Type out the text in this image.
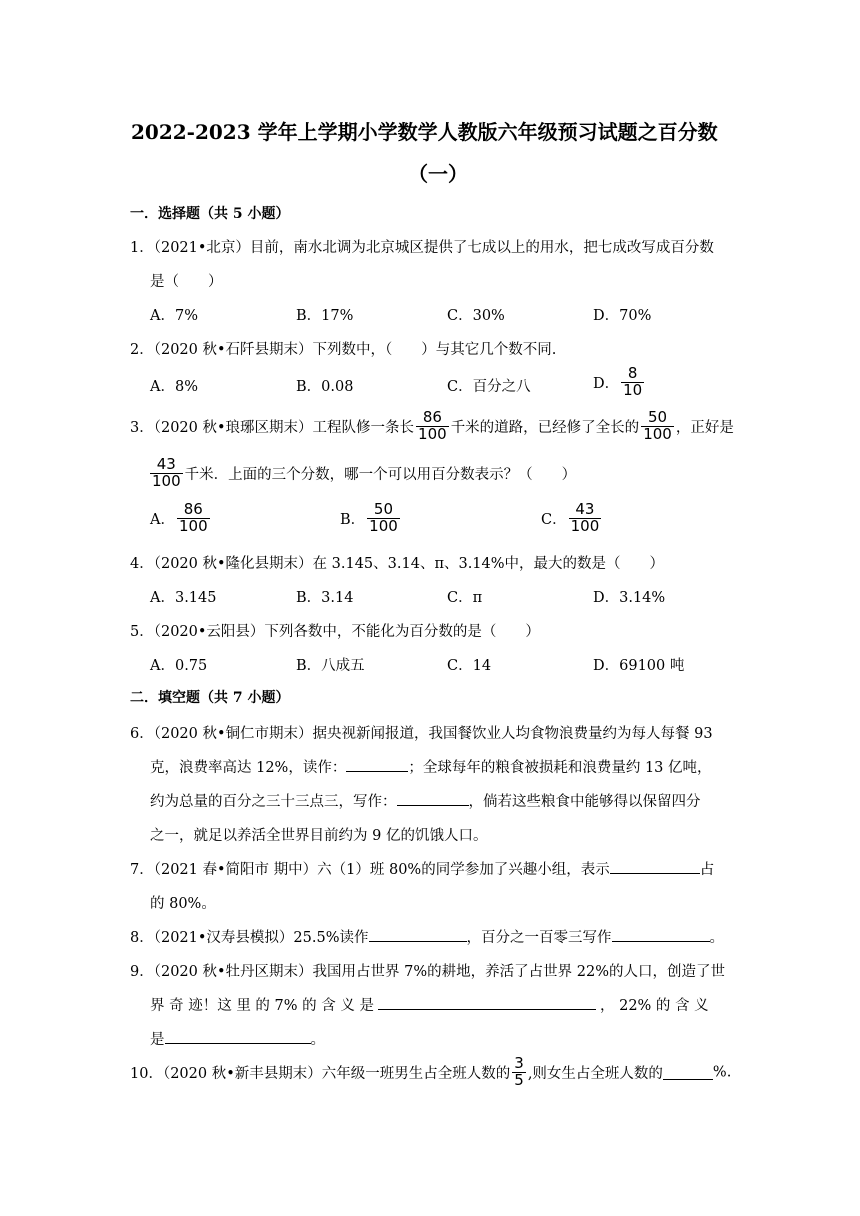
2022-2023 学年上学期小学数学人教版六年级预习试题之百分数
（一）
一．选择题（共 5 小题）
1．（2021•北京）目前，南水北调为北京城区提供了七成以上的用水，把七成改写成百分数
是（　　）
A．7%	B．17%	C．30%	D．70%
2．（2020 秋•石阡县期末）下列数中，（　　）与其它几个数不同.
A．8%	B．0.08	C．百分之八	D． $\frac{8}{10}$
3．（2020 秋•琅琊区期末）工程队修一条长 $\frac{86}{100}$ 千米的道路，已经修了全长的 $\frac{50}{100}$ ，正好是
$\frac{43}{100}$ 千米．上面的三个分数，哪一个可以用百分数表示？（　　）
A． $\frac{86}{100}$	B． $\frac{50}{100}$	C． $\frac{43}{100}$
4．（2020 秋•隆化县期末）在 3.145、3.14、π、3.14%中，最大的数是（　　）
A．3.145	B．3.14	C．π	D．3.14%
5．（2020•云阳县）下列各数中，不能化为百分数的是（　　）
A．0.75	B．八成五	C．14	D．69100 吨
二．填空题（共 7 小题）
6．（2020 秋•铜仁市期末）据央视新闻报道，我国餐饮业人均食物浪费量约为每人每餐 93
克，浪费率高达 12%，读作：	；全球每年的粮食被损耗和浪费量约 13 亿吨，
约为总量的百分之三十三点三，写作：	，倘若这些粮食中能够得以保留四分
之一，就足以养活全世界目前约为 9 亿的饥饿人口。
7．（2021 春•简阳市 期中）六（1）班 80%的同学参加了兴趣小组，表示	占
的 80%。
8．（2021•汉寿县模拟）25.5%读作	，百分之一百零三写作	。
9．（2020 秋•牡丹区期末）我国用占世界 7%的耕地，养活了占世界 22%的人口，创造了世
界 奇 迹！这 里 的 7% 的 含 义 是	， 22% 的 含 义
是	。
10．（2020 秋•新丰县期末）六年级一班男生占全班人数的 $\frac{3}{5}$ ,则女生占全班人数的	%.
